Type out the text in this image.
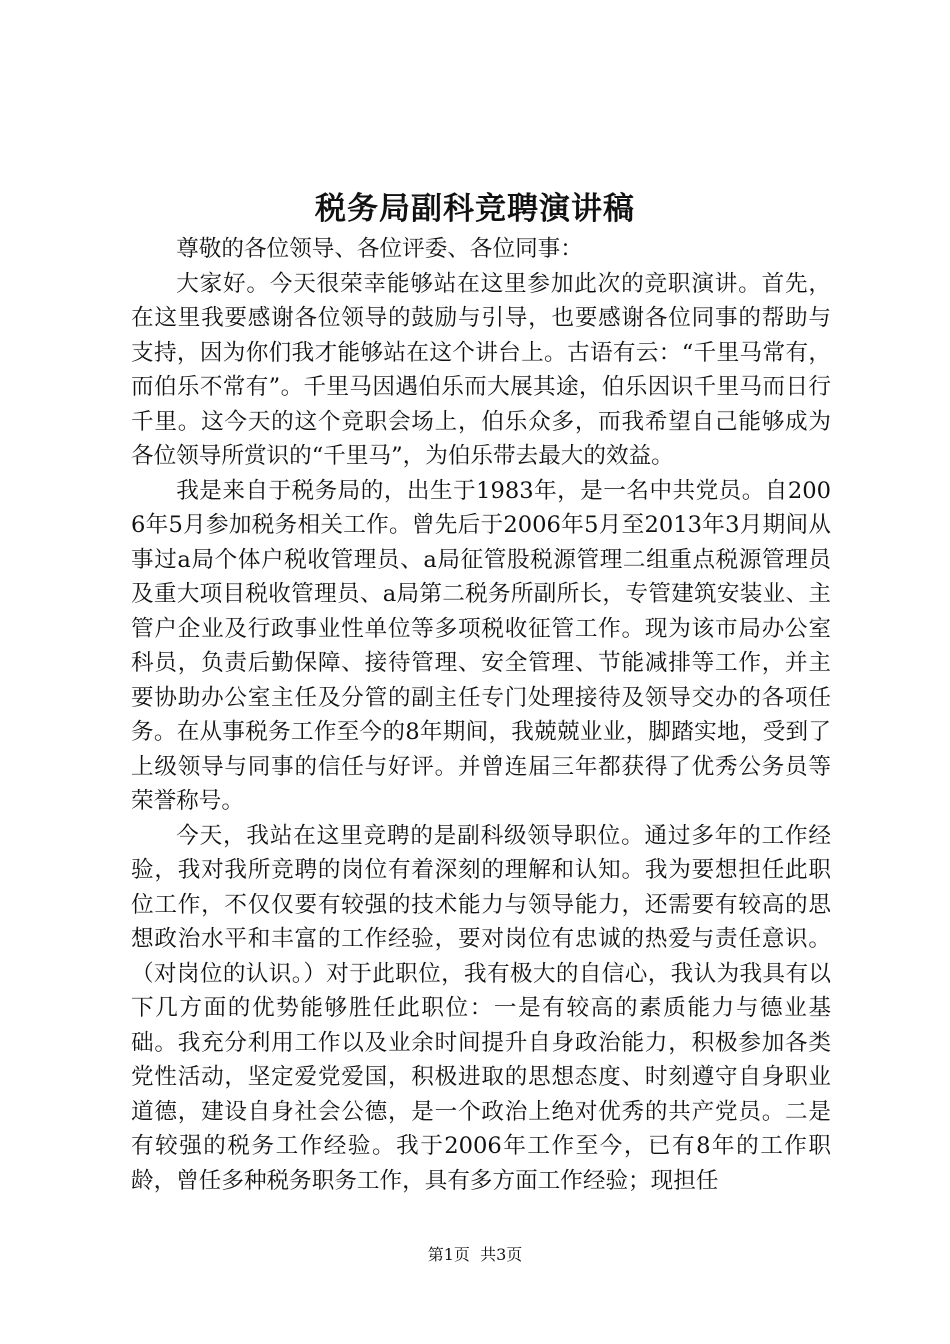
税务局副科竞聘演讲稿

尊敬的各位领导、各位评委、各位同事：

大家好。今天很荣幸能够站在这里参加此次的竞职演讲。首先，在这里我要感谢各位领导的鼓励与引导，也要感谢各位同事的帮助与支持，因为你们我才能够站在这个讲台上。古语有云：“千里马常有，而伯乐不常有”。千里马因遇伯乐而大展其途，伯乐因识千里马而日行千里。这今天的这个竞职会场上，伯乐众多，而我希望自己能够成为各位领导所赏识的“千里马”，为伯乐带去最大的效益。

我是来自于税务局的，出生于1983年，是一名中共党员。自2006年5月参加税务相关工作。曾先后于2006年5月至2013年3月期间从事过a局个体户税收管理员、a局征管股税源管理二组重点税源管理员及重大项目税收管理员、a局第二税务所副所长，专管建筑安装业、主管户企业及行政事业性单位等多项税收征管工作。现为该市局办公室科员，负责后勤保障、接待管理、安全管理、节能减排等工作，并主要协助办公室主任及分管的副主任专门处理接待及领导交办的各项任务。在从事税务工作至今的8年期间，我兢兢业业，脚踏实地，受到了上级领导与同事的信任与好评。并曾连届三年都获得了优秀公务员等荣誉称号。

今天，我站在这里竞聘的是副科级领导职位。通过多年的工作经验，我对我所竞聘的岗位有着深刻的理解和认知。我为要想担任此职位工作，不仅仅要有较强的技术能力与领导能力，还需要有较高的思想政治水平和丰富的工作经验，要对岗位有忠诚的热爱与责任意识。（对岗位的认识。）对于此职位，我有极大的自信心，我认为我具有以下几方面的优势能够胜任此职位：一是有较高的素质能力与德业基础。我充分利用工作以及业余时间提升自身政治能力，积极参加各类党性活动，坚定爱党爱国，积极进取的思想态度、时刻遵守自身职业道德，建设自身社会公德，是一个政治上绝对优秀的共产党员。二是有较强的税务工作经验。我于2006年工作至今，已有8年的工作职龄，曾任多种税务职务工作，具有多方面工作经验；现担任

第1页  共3页
